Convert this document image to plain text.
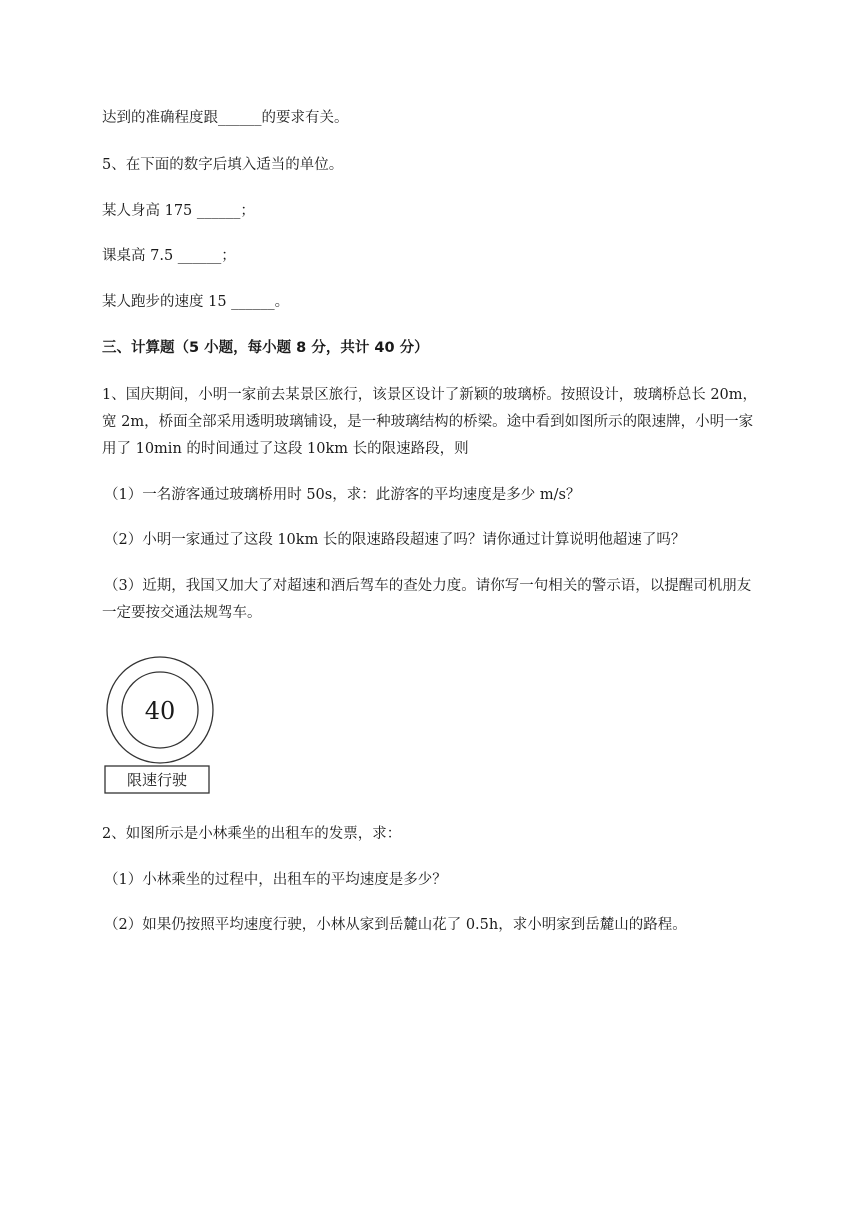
达到的准确程度跟______的要求有关。
5、在下面的数字后填入适当的单位。
某人身高 175 ______；
课桌高 7.5 ______；
某人跑步的速度 15 ______。
三、计算题（5 小题，每小题 8 分，共计 40 分）
1、国庆期间，小明一家前去某景区旅行，该景区设计了新颖的玻璃桥。按照设计，玻璃桥总长 20m，
宽 2m，桥面全部采用透明玻璃铺设，是一种玻璃结构的桥梁。途中看到如图所示的限速牌，小明一家
用了 10min 的时间通过了这段 10km 长的限速路段，则
（1）一名游客通过玻璃桥用时 50s，求：此游客的平均速度是多少 m/s？
（2）小明一家通过了这段 10km 长的限速路段超速了吗？请你通过计算说明他超速了吗？
（3）近期，我国又加大了对超速和酒后驾车的查处力度。请你写一句相关的警示语，以提醒司机朋友
一定要按交通法规驾车。
40
限速行驶
2、如图所示是小林乘坐的出租车的发票，求：
（1）小林乘坐的过程中，出租车的平均速度是多少？
（2）如果仍按照平均速度行驶，小林从家到岳麓山花了 0.5h，求小明家到岳麓山的路程。
